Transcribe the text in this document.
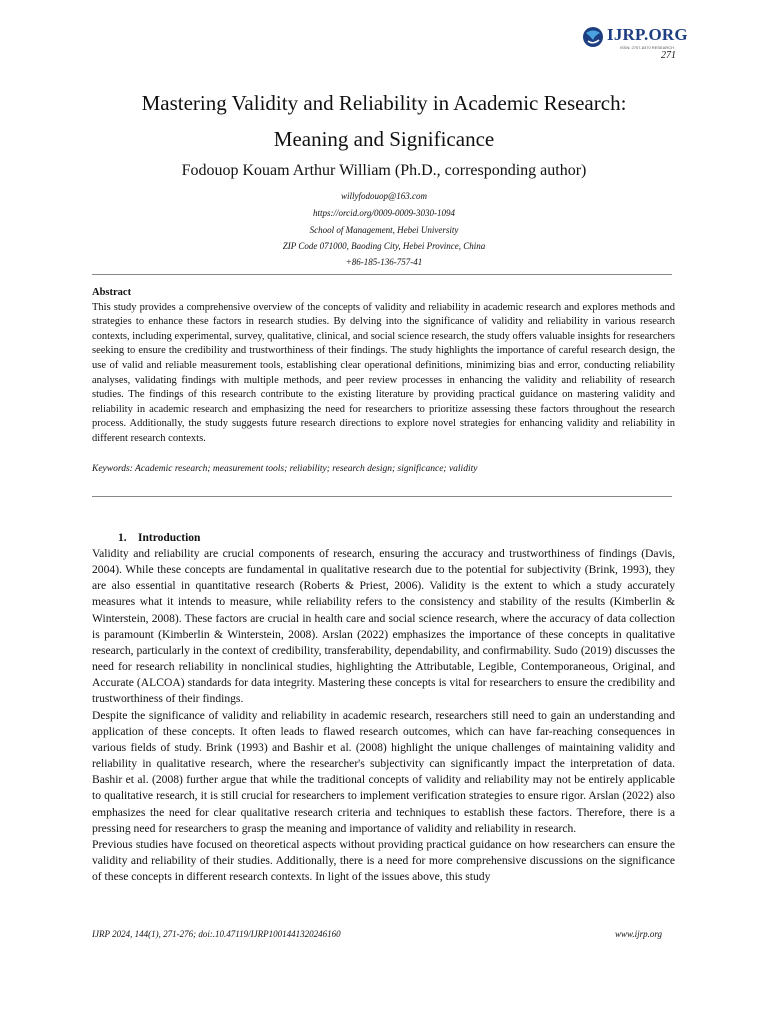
IJRP.ORG
ISSN: 2707-8370 RESEARCH
271
Mastering Validity and Reliability in Academic Research:
Meaning and Significance
Fodouop Kouam Arthur William (Ph.D., corresponding author)
willyfodouop@163.com
https://orcid.org/0009-0009-3030-1094
School of Management, Hebei University
ZIP Code 071000, Baoding City, Hebei Province, China
+86-185-136-757-41
Abstract
This study provides a comprehensive overview of the concepts of validity and reliability in academic research and explores methods and strategies to enhance these factors in research studies. By delving into the significance of validity and reliability in various research contexts, including experimental, survey, qualitative, clinical, and social science research, the study offers valuable insights for researchers seeking to ensure the credibility and trustworthiness of their findings. The study highlights the importance of careful research design, the use of valid and reliable measurement tools, establishing clear operational definitions, minimizing bias and error, conducting reliability analyses, validating findings with multiple methods, and peer review processes in enhancing the validity and reliability of research studies. The findings of this research contribute to the existing literature by providing practical guidance on mastering validity and reliability in academic research and emphasizing the need for researchers to prioritize assessing these factors throughout the research process. Additionally, the study suggests future research directions to explore novel strategies for enhancing validity and reliability in different research contexts.
Keywords: Academic research; measurement tools; reliability; research design; significance; validity
1. Introduction

Validity and reliability are crucial components of research, ensuring the accuracy and trustworthiness of findings (Davis, 2004). While these concepts are fundamental in qualitative research due to the potential for subjectivity (Brink, 1993), they are also essential in quantitative research (Roberts & Priest, 2006). Validity is the extent to which a study accurately measures what it intends to measure, while reliability refers to the consistency and stability of the results (Kimberlin & Winterstein, 2008). These factors are crucial in health care and social science research, where the accuracy of data collection is paramount (Kimberlin & Winterstein, 2008). Arslan (2022) emphasizes the importance of these concepts in qualitative research, particularly in the context of credibility, transferability, dependability, and confirmability. Sudo (2019) discusses the need for research reliability in nonclinical studies, highlighting the Attributable, Legible, Contemporaneous, Original, and Accurate (ALCOA) standards for data integrity. Mastering these concepts is vital for researchers to ensure the credibility and trustworthiness of their findings.

Despite the significance of validity and reliability in academic research, researchers still need to gain an understanding and application of these concepts. It often leads to flawed research outcomes, which can have far-reaching consequences in various fields of study. Brink (1993) and Bashir et al. (2008) highlight the unique challenges of maintaining validity and reliability in qualitative research, where the researcher's subjectivity can significantly impact the interpretation of data. Bashir et al. (2008) further argue that while the traditional concepts of validity and reliability may not be entirely applicable to qualitative research, it is still crucial for researchers to implement verification strategies to ensure rigor. Arslan (2022) also emphasizes the need for clear qualitative research criteria and techniques to establish these factors. Therefore, there is a pressing need for researchers to grasp the meaning and importance of validity and reliability in research.

Previous studies have focused on theoretical aspects without providing practical guidance on how researchers can ensure the validity and reliability of their studies. Additionally, there is a need for more comprehensive discussions on the significance of these concepts in different research contexts. In light of the issues above, this study

IJRP 2024, 144(1), 271-276; doi:.10.47119/IJRP1001441320246160	www.ijrp.org
